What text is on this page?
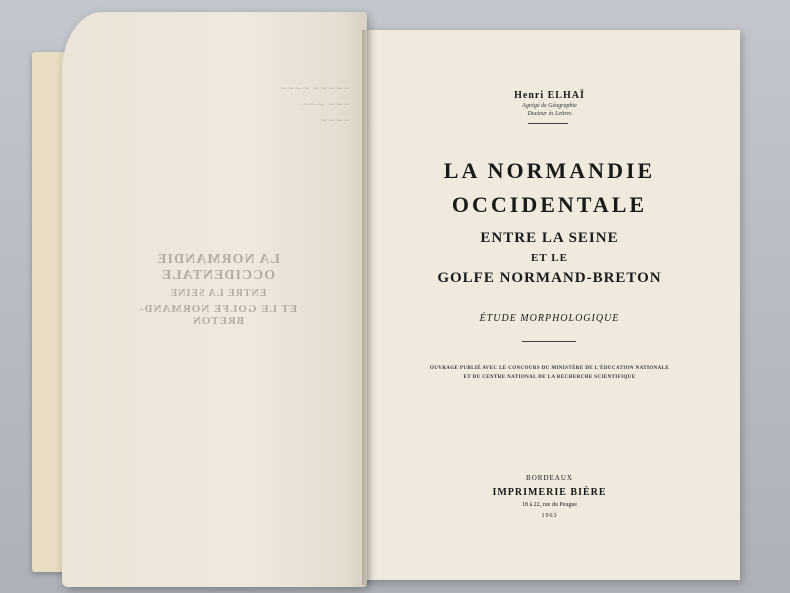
~~~~ ~~~~~
~~~ ~~~
~~~~
LA NORMANDIE OCCIDENTALE
ENTRE LA SEINE
ET LE GOLFE NORMAND-BRETON
Henri ELHAÏ
Agrégé de Géographie
Docteur ès Lettres
LA NORMANDIE
OCCIDENTALE
ENTRE LA SEINE
ET LE
GOLFE NORMAND-BRETON
ÉTUDE MORPHOLOGIQUE
OUVRAGE PUBLIÉ AVEC LE CONCOURS DU MINISTÈRE DE L'ÉDUCATION NATIONALE
ET DU CENTRE NATIONAL DE LA RECHERCHE SCIENTIFIQUE
BORDEAUX
IMPRIMERIE BIÈRE
18 à 22, rue du Peugue
1963
